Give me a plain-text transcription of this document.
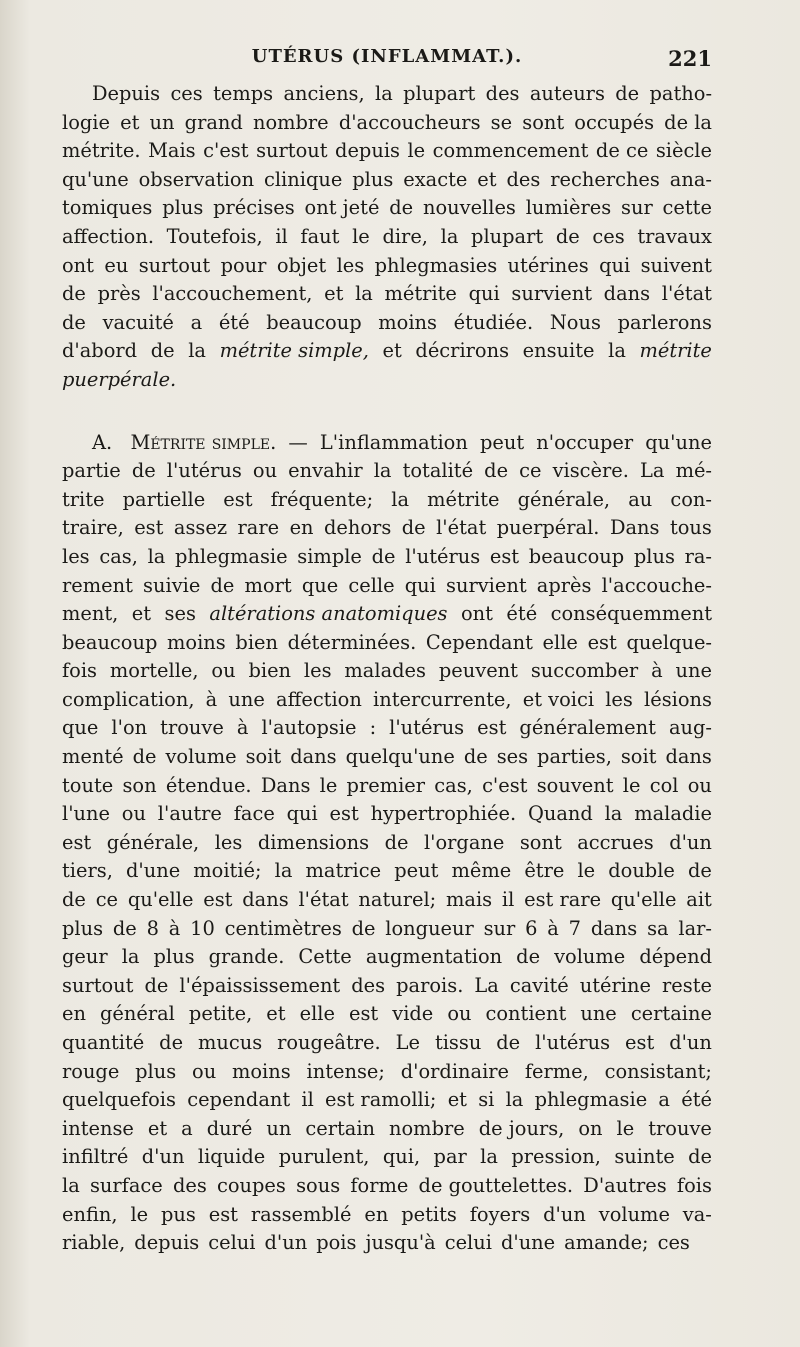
UTÉRUS (INFLAMMAT.).	221
Depuis ces temps anciens, la plupart des auteurs de patho-
logie et un grand nombre d'accoucheurs se sont occupés de la
métrite. Mais c'est surtout depuis le commencement de ce siècle
qu'une observation clinique plus exacte et des recherches ana-
tomiques plus précises ont jeté de nouvelles lumières sur cette
affection. Toutefois, il faut le dire, la plupart de ces travaux
ont eu surtout pour objet les phlegmasies utérines qui suivent
de près l'accouchement, et la métrite qui survient dans l'état
de vacuité a été beaucoup moins étudiée. Nous parlerons
d'abord de la métrite simple, et décrirons ensuite la métrite
puerpérale.
A. Métrite simple. — L'inflammation peut n'occuper qu'une
partie de l'utérus ou envahir la totalité de ce viscère. La mé-
trite partielle est fréquente; la métrite générale, au con-
traire, est assez rare en dehors de l'état puerpéral. Dans tous
les cas, la phlegmasie simple de l'utérus est beaucoup plus ra-
rement suivie de mort que celle qui survient après l'accouche-
ment, et ses altérations anatomiques ont été conséquemment
beaucoup moins bien déterminées. Cependant elle est quelque-
fois mortelle, ou bien les malades peuvent succomber à une
complication, à une affection intercurrente, et voici les lésions
que l'on trouve à l'autopsie : l'utérus est généralement aug-
menté de volume soit dans quelqu'une de ses parties, soit dans
toute son étendue. Dans le premier cas, c'est souvent le col ou
l'une ou l'autre face qui est hypertrophiée. Quand la maladie
est générale, les dimensions de l'organe sont accrues d'un
tiers, d'une moitié; la matrice peut même être le double de
de ce qu'elle est dans l'état naturel; mais il est rare qu'elle ait
plus de 8 à 10 centimètres de longueur sur 6 à 7 dans sa lar-
geur la plus grande. Cette augmentation de volume dépend
surtout de l'épaississement des parois. La cavité utérine reste
en général petite, et elle est vide ou contient une certaine
quantité de mucus rougeâtre. Le tissu de l'utérus est d'un
rouge plus ou moins intense; d'ordinaire ferme, consistant;
quelquefois cependant il est ramolli; et si la phlegmasie a été
intense et a duré un certain nombre de jours, on le trouve
infiltré d'un liquide purulent, qui, par la pression, suinte de
la surface des coupes sous forme de gouttelettes. D'autres fois
enfin, le pus est rassemblé en petits foyers d'un volume va-
riable, depuis celui d'un pois jusqu'à celui d'une amande; ces
